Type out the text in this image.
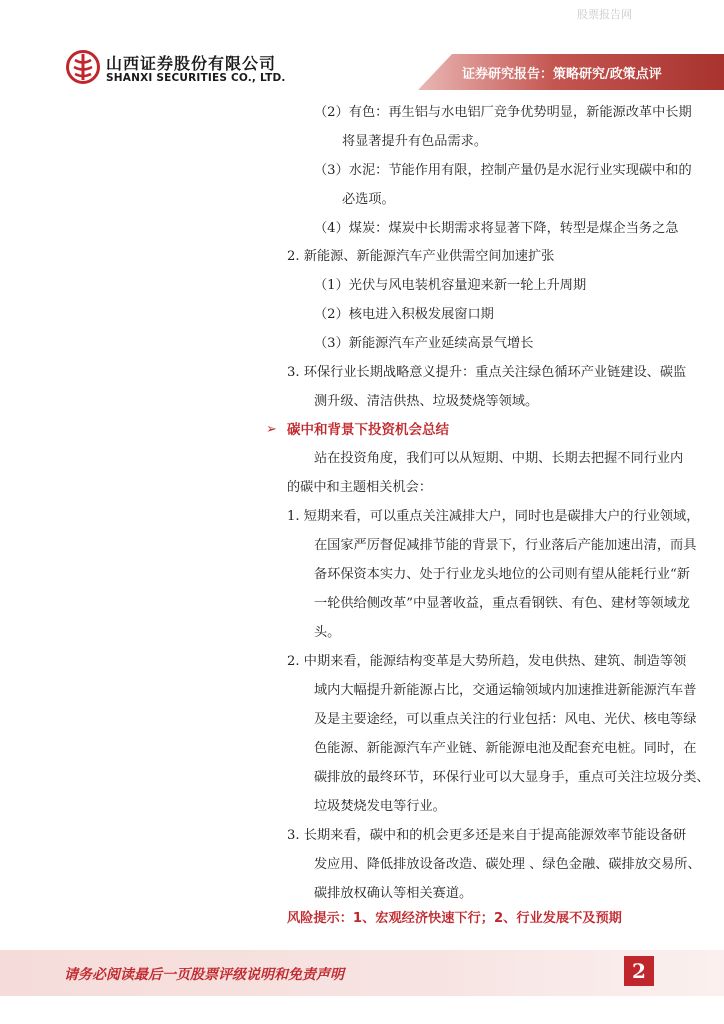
股票报告网
山西证券股份有限公司
SHANXI SECURITIES CO., LTD.	证券研究报告：策略研究/政策点评
（2）有色：再生铝与水电铝厂竞争优势明显，新能源改革中长期
将显著提升有色品需求。
（3）水泥：节能作用有限，控制产量仍是水泥行业实现碳中和的
必选项。
（4）煤炭：煤炭中长期需求将显著下降，转型是煤企当务之急
2. 新能源、新能源汽车产业供需空间加速扩张
（1）光伏与风电装机容量迎来新一轮上升周期
（2）核电进入积极发展窗口期
（3）新能源汽车产业延续高景气增长
3. 环保行业长期战略意义提升：重点关注绿色循环产业链建设、碳监
测升级、清洁供热、垃圾焚烧等领域。
➢ 碳中和背景下投资机会总结
站在投资角度，我们可以从短期、中期、长期去把握不同行业内
的碳中和主题相关机会：
1. 短期来看，可以重点关注减排大户，同时也是碳排大户的行业领域，
在国家严厉督促减排节能的背景下，行业落后产能加速出清，而具
备环保资本实力、处于行业龙头地位的公司则有望从能耗行业“新
一轮供给侧改革”中显著收益，重点看钢铁、有色、建材等领域龙
头。
2. 中期来看，能源结构变革是大势所趋，发电供热、建筑、制造等领
域内大幅提升新能源占比，交通运输领域内加速推进新能源汽车普
及是主要途经，可以重点关注的行业包括：风电、光伏、核电等绿
色能源、新能源汽车产业链、新能源电池及配套充电桩。同时，在
碳排放的最终环节，环保行业可以大显身手，重点可关注垃圾分类、
垃圾焚烧发电等行业。
3. 长期来看，碳中和的机会更多还是来自于提高能源效率节能设备研
发应用、降低排放设备改造、碳处理 、绿色金融、碳排放交易所、
碳排放权确认等相关赛道。
风险提示：1、宏观经济快速下行；2、行业发展不及预期
请务必阅读最后一页股票评级说明和免责声明	2
